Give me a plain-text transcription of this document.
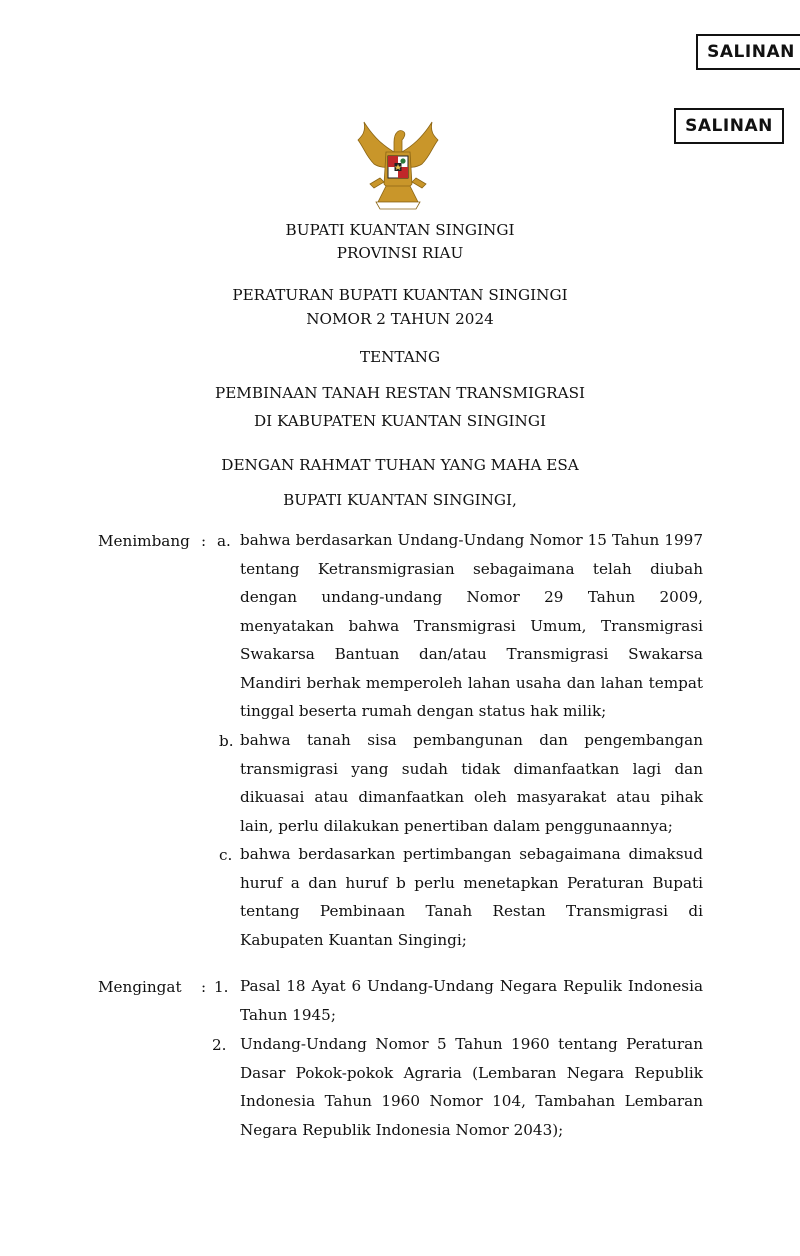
SALINAN
SALINAN
BUPATI KUANTAN SINGINGI
PROVINSI RIAU
PERATURAN BUPATI KUANTAN SINGINGI
NOMOR 2 TAHUN 2024
TENTANG
PEMBINAAN TANAH RESTAN TRANSMIGRASI
DI KABUPATEN KUANTAN SINGINGI
DENGAN RAHMAT TUHAN YANG MAHA ESA
BUPATI KUANTAN SINGINGI,
Menimbang : a. bahwa berdasarkan Undang-Undang Nomor 15 Tahun 1997 tentang Ketransmigrasian sebagaimana telah diubah dengan undang-undang Nomor 29 Tahun 2009, menyatakan bahwa Transmigrasi Umum, Transmigrasi Swakarsa Bantuan dan/atau Transmigrasi Swakarsa Mandiri berhak memperoleh lahan usaha dan lahan tempat tinggal beserta rumah dengan status hak milik;

b. bahwa tanah sisa pembangunan dan pengembangan transmigrasi yang sudah tidak dimanfaatkan lagi dan dikuasai atau dimanfaatkan oleh masyarakat atau pihak lain, perlu dilakukan penertiban dalam penggunaannya;

c. bahwa berdasarkan pertimbangan sebagaimana dimaksud huruf a dan huruf b perlu menetapkan Peraturan Bupati tentang Pembinaan Tanah Restan Transmigrasi di Kabupaten Kuantan Singingi;

Mengingat : 1. Pasal 18 Ayat 6 Undang-Undang Negara Repulik Indonesia Tahun 1945;

2. Undang-Undang Nomor 5 Tahun 1960 tentang Peraturan Dasar Pokok-pokok Agraria (Lembaran Negara Republik Indonesia Tahun 1960 Nomor 104, Tambahan Lembaran Negara Republik Indonesia Nomor 2043);
